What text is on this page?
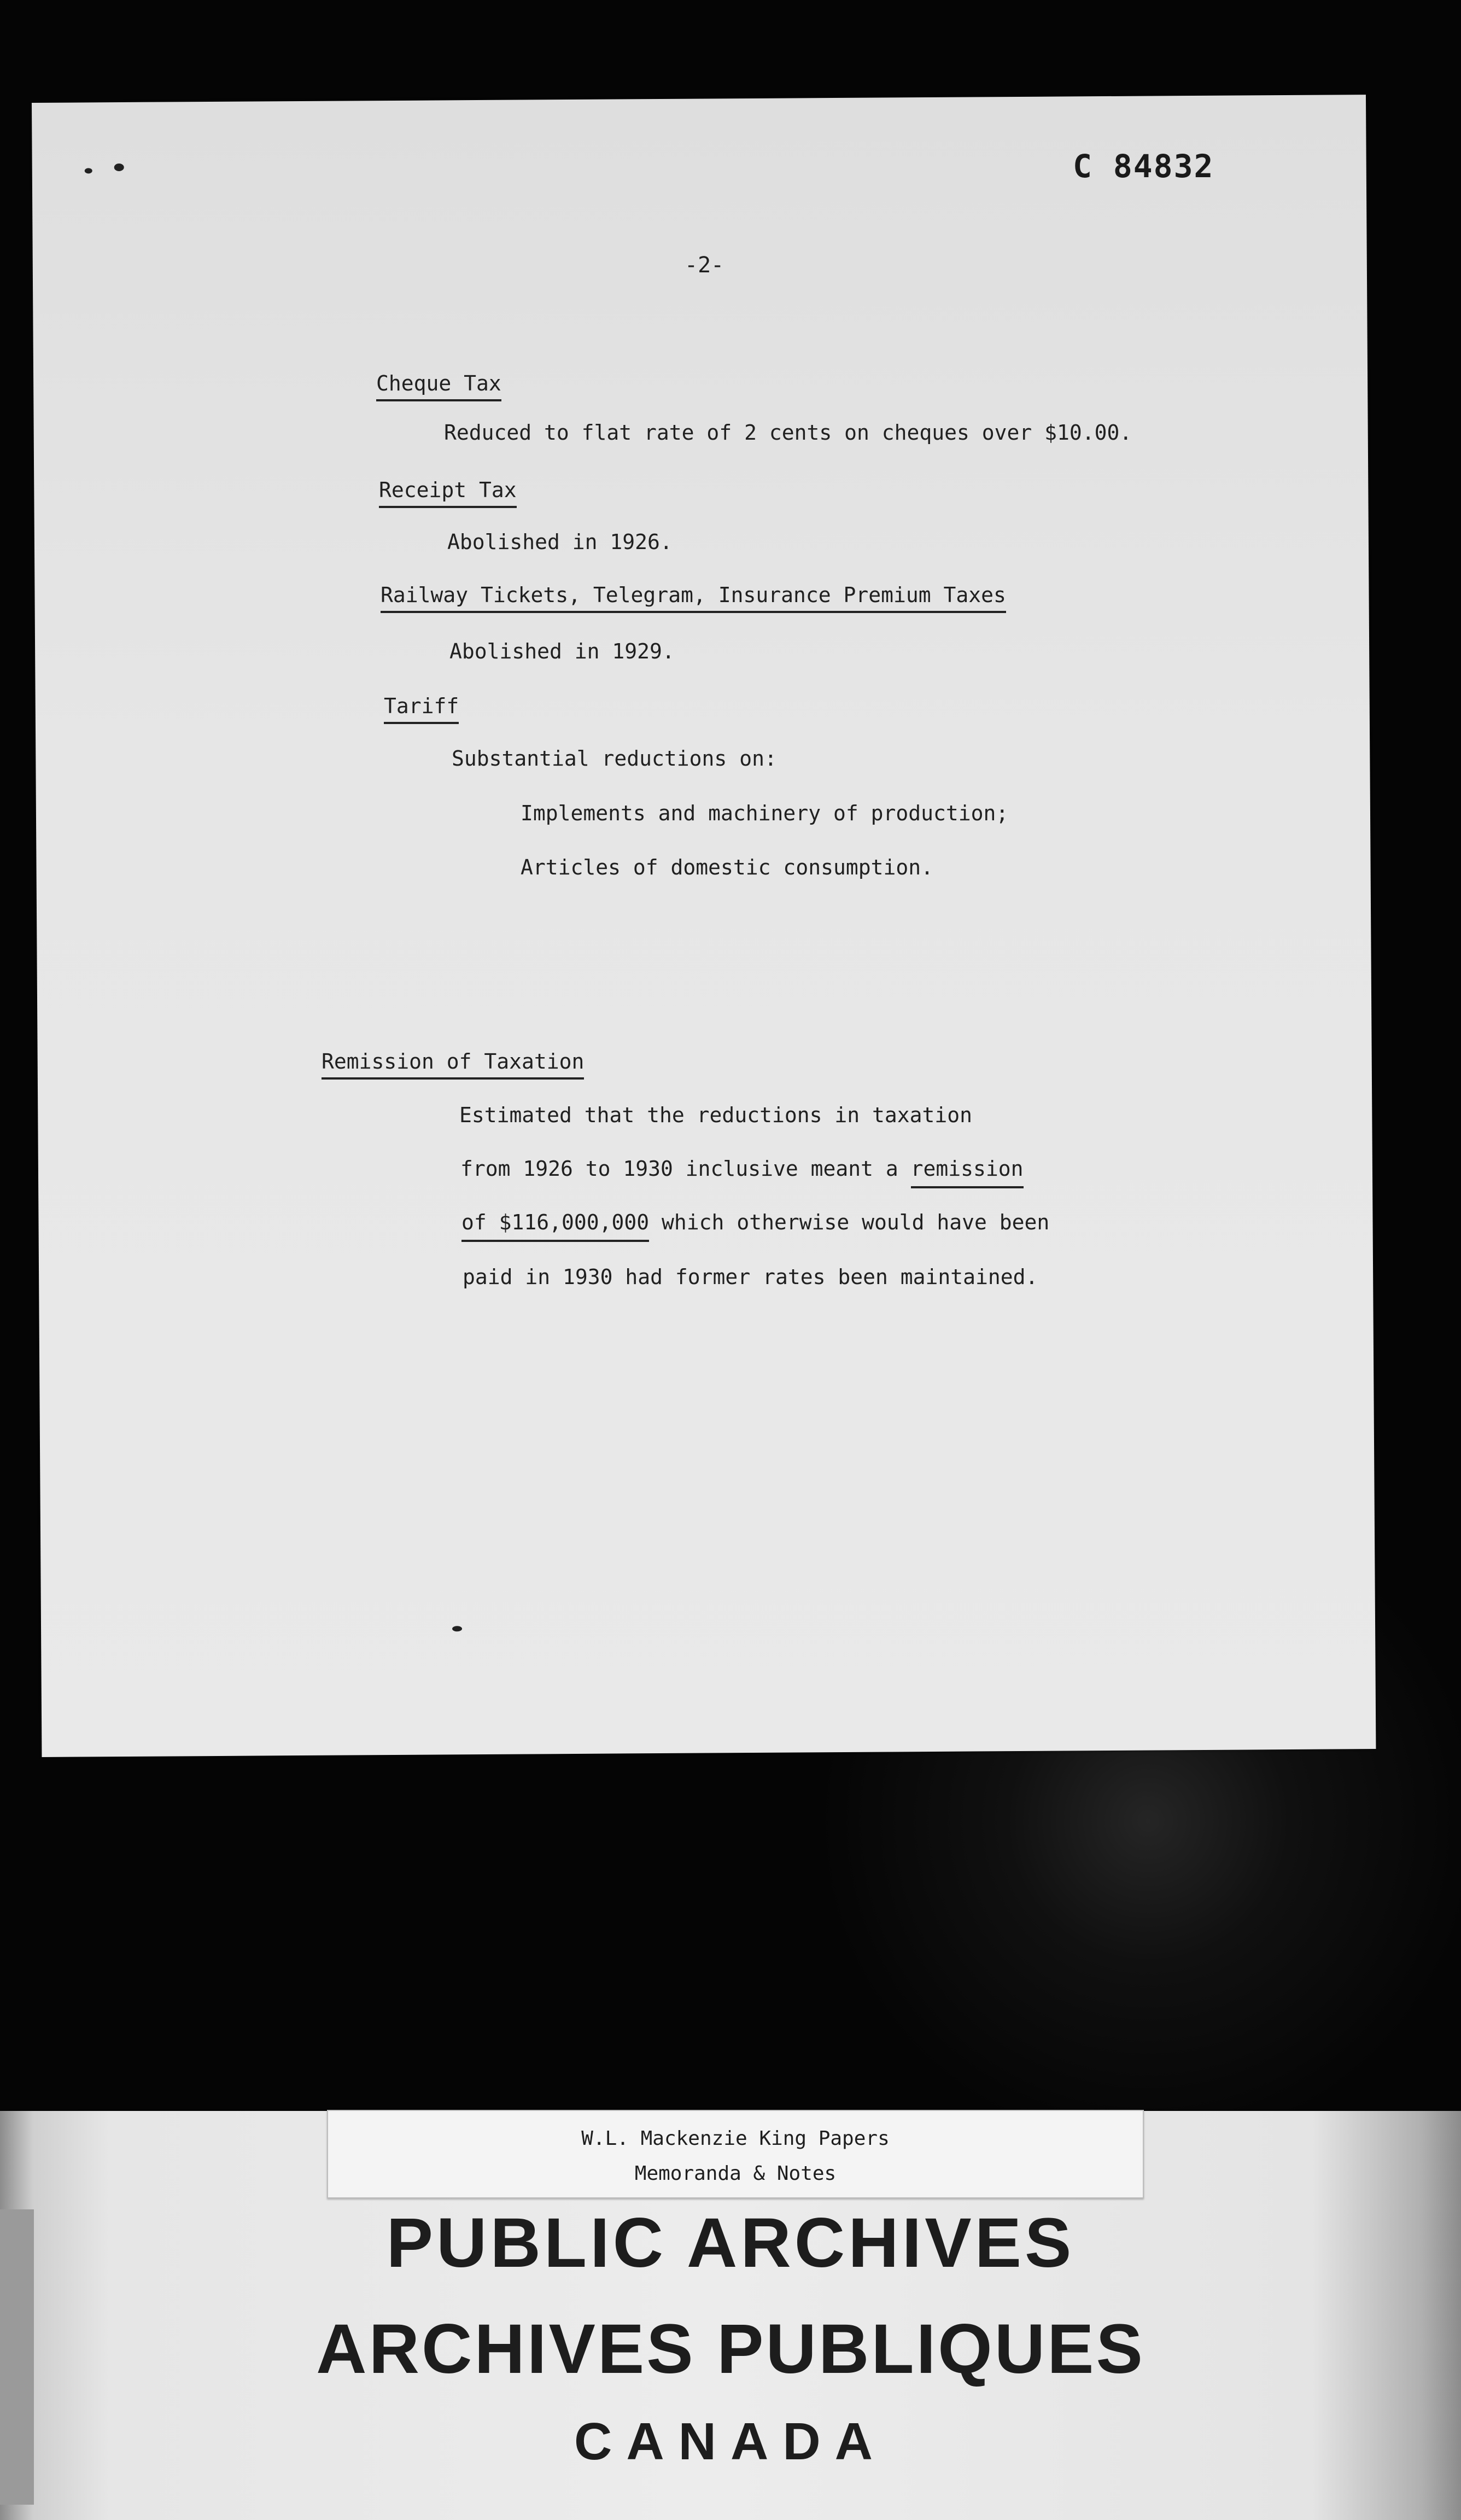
C 84832
-2-
Cheque Tax
Reduced to flat rate of 2 cents on cheques over $10.00.
Receipt Tax
Abolished in 1926.
Railway Tickets, Telegram, Insurance Premium Taxes
Abolished in 1929.
Tariff
Substantial reductions on:
Implements and machinery of production;
Articles of domestic consumption.
Remission of Taxation
Estimated that the reductions in taxation
from 1926 to 1930 inclusive meant a remission
of $116,000,000 which otherwise would have been
paid in 1930 had former rates been maintained.
W.L. Mackenzie King Papers
Memoranda & Notes
PUBLIC ARCHIVES
ARCHIVES PUBLIQUES
CANADA
